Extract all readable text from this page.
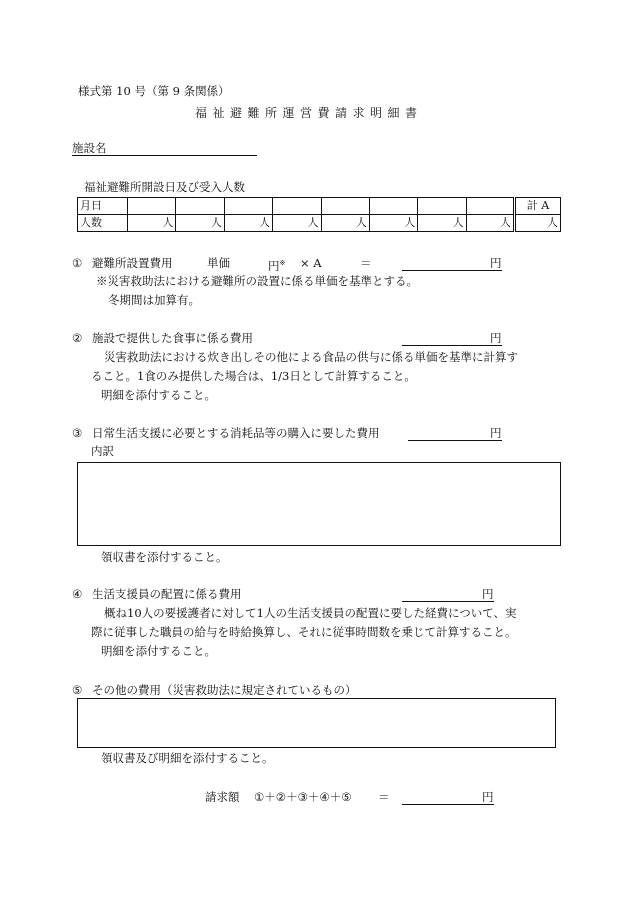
様式第 10 号（第 9 条関係）
福祉避難所運営費請求明細書
施設名
福祉避難所開設日及び受入人数
月日									計 A
人数	人	人	人	人	人	人	人	人	人
① 避難所設置費用	単価	円※ × A	＝	円
※災害救助法における避難所の設置に係る単価を基準とする。
冬期間は加算有。
② 施設で提供した食事に係る費用	円
災害救助法における炊き出しその他による食品の供与に係る単価を基準に計算す
ること。1食のみ提供した場合は、1/3日として計算すること。
明細を添付すること。
③ 日常生活支援に必要とする消耗品等の購入に要した費用	円
内訳
領収書を添付すること。
④ 生活支援員の配置に係る費用	円
概ね10人の要援護者に対して1人の生活支援員の配置に要した経費について、実
際に従事した職員の給与を時給換算し、それに従事時間数を乗じて計算すること。
明細を添付すること。
⑤ その他の費用（災害救助法に規定されているもの）
領収書及び明細を添付すること。
請求額 ①＋②＋③＋④＋⑤ ＝	円
